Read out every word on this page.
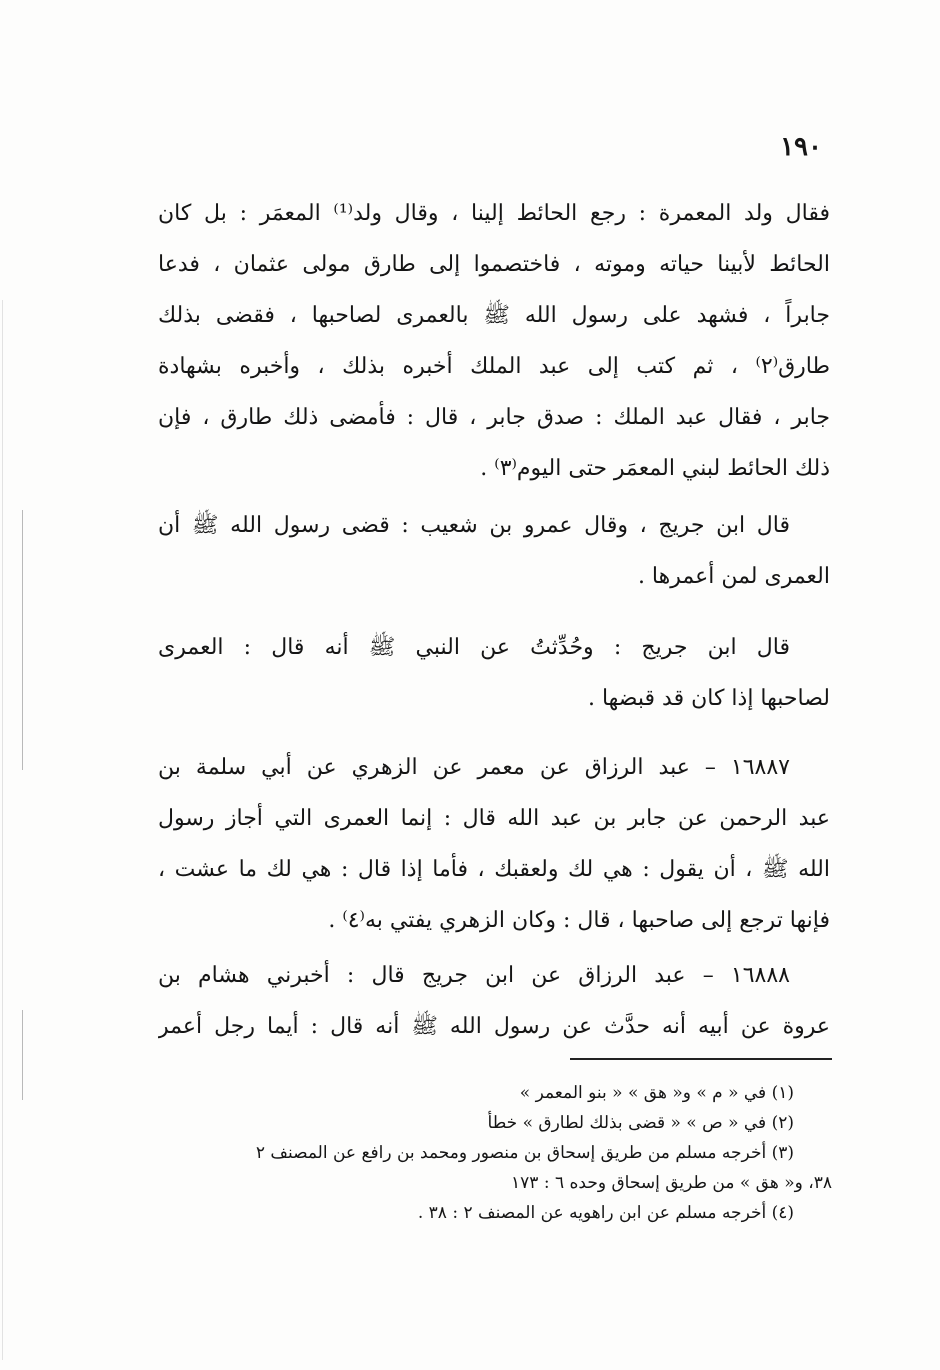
١٩٠
فقال ولد المعمرة : رجع الحائط إلينا ، وقال ولد⁽¹⁾ المعمَر : بل كان
الحائط لأبينا حياته وموته ، فاختصموا إلى طارق مولى عثمان ، فدعا
جابراً ، فشهد على رسول الله ﷺ بالعمرى لصاحبها ، فقضى بذلك
طارق⁽٢⁾ ، ثم كتب إلى عبد الملك أخبره بذلك ، وأخبره بشهادة
جابر ، فقال عبد الملك : صدق جابر ، قال : فأمضى ذلك طارق ، فإن
ذلك الحائط لبني المعمَر حتى اليوم⁽٣⁾ .
قال ابن جريج ، وقال عمرو بن شعيب : قضى رسول الله ﷺ أن
العمرى لمن أعمرها .
قال ابن جريج : وحُدِّثتُ عن النبي ﷺ أنه قال : العمرى
لصاحبها إذا كان قد قبضها .
١٦٨٨٧ – عبد الرزاق عن معمر عن الزهري عن أبي سلمة بن
عبد الرحمن عن جابر بن عبد الله قال : إنما العمرى التي أجاز رسول
الله ﷺ ، أن يقول : هي لك ولعقبك ، فأما إذا قال : هي لك ما عشت ،
فإنها ترجع إلى صاحبها ، قال : وكان الزهري يفتي به⁽٤⁾ .
١٦٨٨٨ – عبد الرزاق عن ابن جريج قال : أخبرني هشام بن
عروة عن أبيه أنه حدَّث عن رسول الله ﷺ أنه قال : أيما رجل أعمر
(١) في « م » و« هق » « بنو المعمر »
(٢) في « ص » « قضى بذلك لطارق » خطأ
(٣) أخرجه مسلم من طريق إسحاق بن منصور ومحمد بن رافع عن المصنف ٢
٣٨، و« هق » من طريق إسحاق وحده ٦ : ١٧٣
(٤) أخرجه مسلم عن ابن راهويه عن المصنف ٢ : ٣٨ .
